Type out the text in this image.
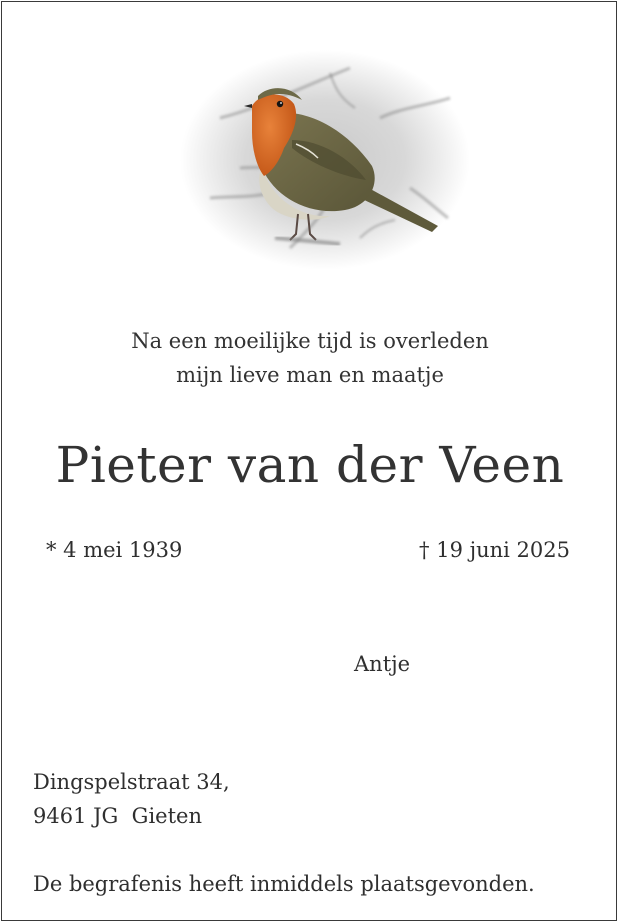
Na een moeilijke tijd is overleden
mijn lieve man en maatje
Pieter van der Veen
* 4 mei 1939	† 19 juni 2025
Antje
Dingspelstraat 34,
9461 JG  Gieten
De begrafenis heeft inmiddels plaatsgevonden.
